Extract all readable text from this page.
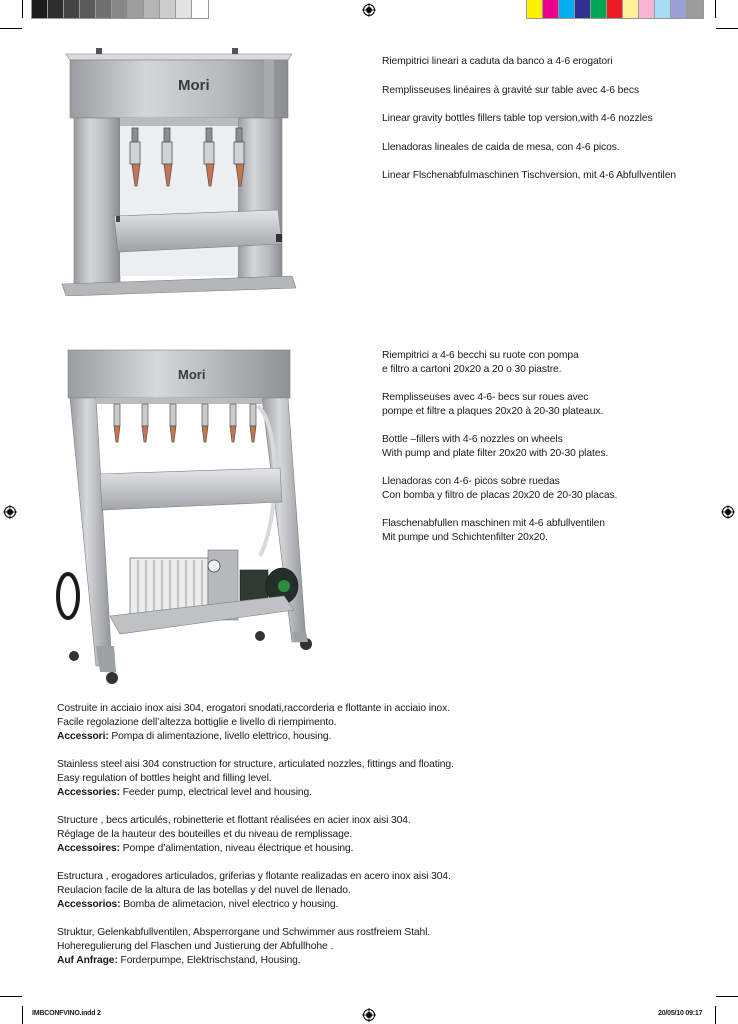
Mori
Riempitrici lineari a caduta da banco a 4-6 erogatori
Remplisseuses linéaires à gravité sur table avec 4-6 becs
Linear gravity bottles fillers table top version,with 4-6 nozzles
Llenadoras lineales de caida de mesa, con 4-6 picos.
Linear Flschenabfulmaschinen Tischversion, mit 4-6 Abfullventilen
Mori
Riempitrici a 4-6 becchi su ruote con pompa
e filtro a cartoni 20x20 a 20 o 30 piastre.
Remplisseuses avec 4-6- becs sur roues avec
pompe et filtre a plaques 20x20 à 20-30 plateaux.
Bottle –fillers with 4-6 nozzles on wheels
With pump and plate filter 20x20 with 20-30 plates.
Llenadoras con 4-6- picos sobre ruedas
Con bomba y filtro de placas 20x20 de 20-30 placas.
Flaschenabfullen maschinen mit 4-6 abfullventilen
Mit pumpe und Schichtenfilter 20x20.
Costruite in acciaio inox aisi 304, erogatori snodati,raccorderia e flottante in acciaio inox.
Facile regolazione dell’altezza bottiglie e livello di riempimento.
Accessori: Pompa di alimentazione, livello elettrico, housing.
Stainless steel aisi 304 construction for structure, articulated nozzles, fittings and floating.
Easy regulation of bottles height and filling level.
Accessories: Feeder pump, electrical level and housing.
Structure , becs articulés, robinetterie et flottant réalisées en acier inox aisi 304.
Réglage de la hauteur des bouteilles et du niveau de remplissage.
Accessoires: Pompe d’alimentation, niveau électrique et housing.
Estructura , erogadores articulados, griferias y flotante realizadas en acero inox aisi 304.
Reulacion facile de la altura de las botellas y del nuvel de llenado.
Accessorios: Bomba de alimetacion, nivel electrico y housing.
Struktur, Gelenkabfullventilen, Absperrorgane und Schwimmer aus rostfreiem Stahl.
Hoheregulierung del Flaschen und Justierung der Abfullhohe .
Auf Anfrage: Forderpumpe, Elektrischstand, Housing.
IMBCONFVINO.indd 2	20/05/10 09:17
